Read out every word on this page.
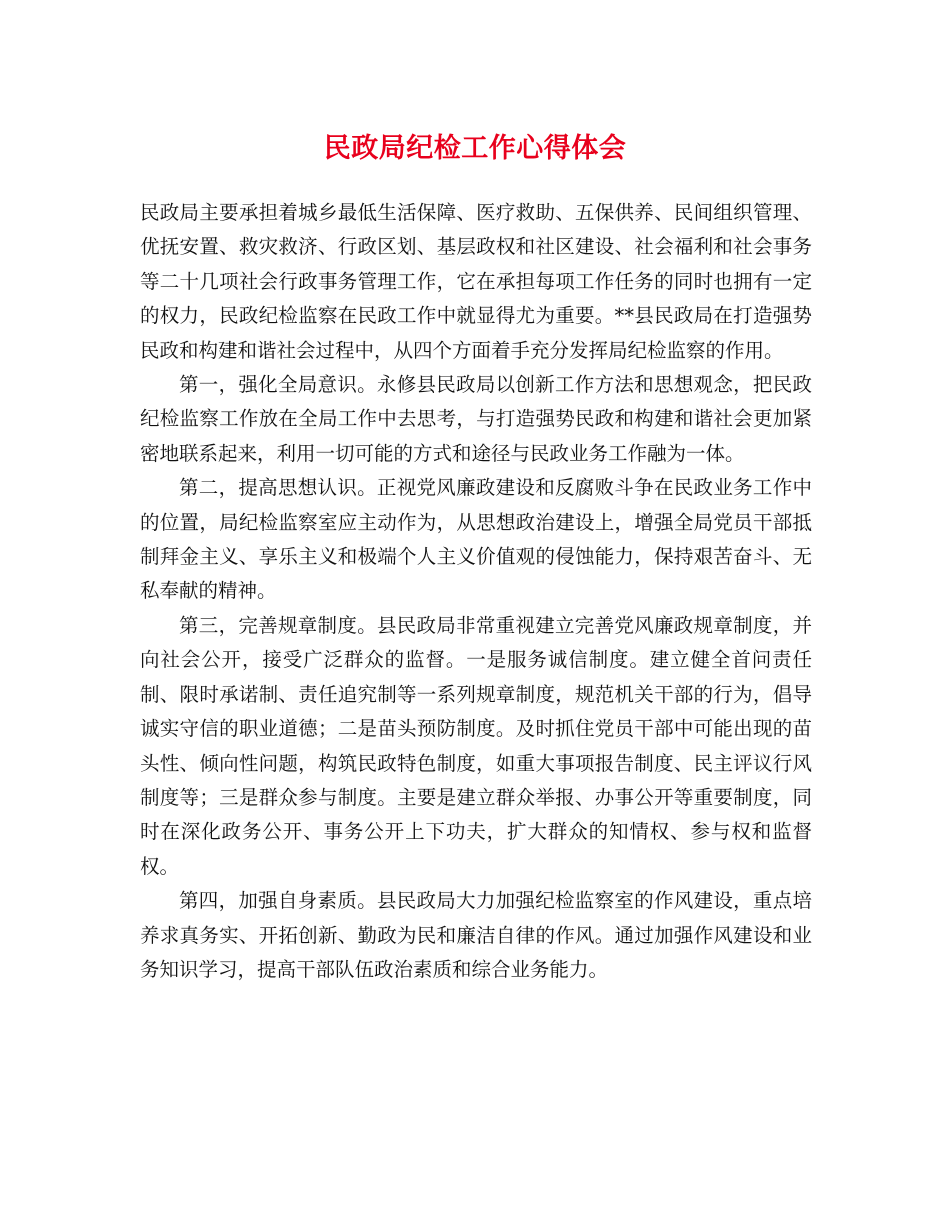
民政局纪检工作心得体会

民政局主要承担着城乡最低生活保障、医疗救助、五保供养、民间组织管理、优抚安置、救灾救济、行政区划、基层政权和社区建设、社会福利和社会事务等二十几项社会行政事务管理工作，它在承担每项工作任务的同时也拥有一定的权力，民政纪检监察在民政工作中就显得尤为重要。**县民政局在打造强势民政和构建和谐社会过程中，从四个方面着手充分发挥局纪检监察的作用。

第一，强化全局意识。永修县民政局以创新工作方法和思想观念，把民政纪检监察工作放在全局工作中去思考，与打造强势民政和构建和谐社会更加紧密地联系起来，利用一切可能的方式和途径与民政业务工作融为一体。

第二，提高思想认识。正视党风廉政建设和反腐败斗争在民政业务工作中的位置，局纪检监察室应主动作为，从思想政治建设上，增强全局党员干部抵制拜金主义、享乐主义和极端个人主义价值观的侵蚀能力，保持艰苦奋斗、无私奉献的精神。

第三，完善规章制度。县民政局非常重视建立完善党风廉政规章制度，并向社会公开，接受广泛群众的监督。一是服务诚信制度。建立健全首问责任制、限时承诺制、责任追究制等一系列规章制度，规范机关干部的行为，倡导诚实守信的职业道德；二是苗头预防制度。及时抓住党员干部中可能出现的苗头性、倾向性问题，构筑民政特色制度，如重大事项报告制度、民主评议行风制度等；三是群众参与制度。主要是建立群众举报、办事公开等重要制度，同时在深化政务公开、事务公开上下功夫，扩大群众的知情权、参与权和监督权。

第四，加强自身素质。县民政局大力加强纪检监察室的作风建设，重点培养求真务实、开拓创新、勤政为民和廉洁自律的作风。通过加强作风建设和业务知识学习，提高干部队伍政治素质和综合业务能力。
